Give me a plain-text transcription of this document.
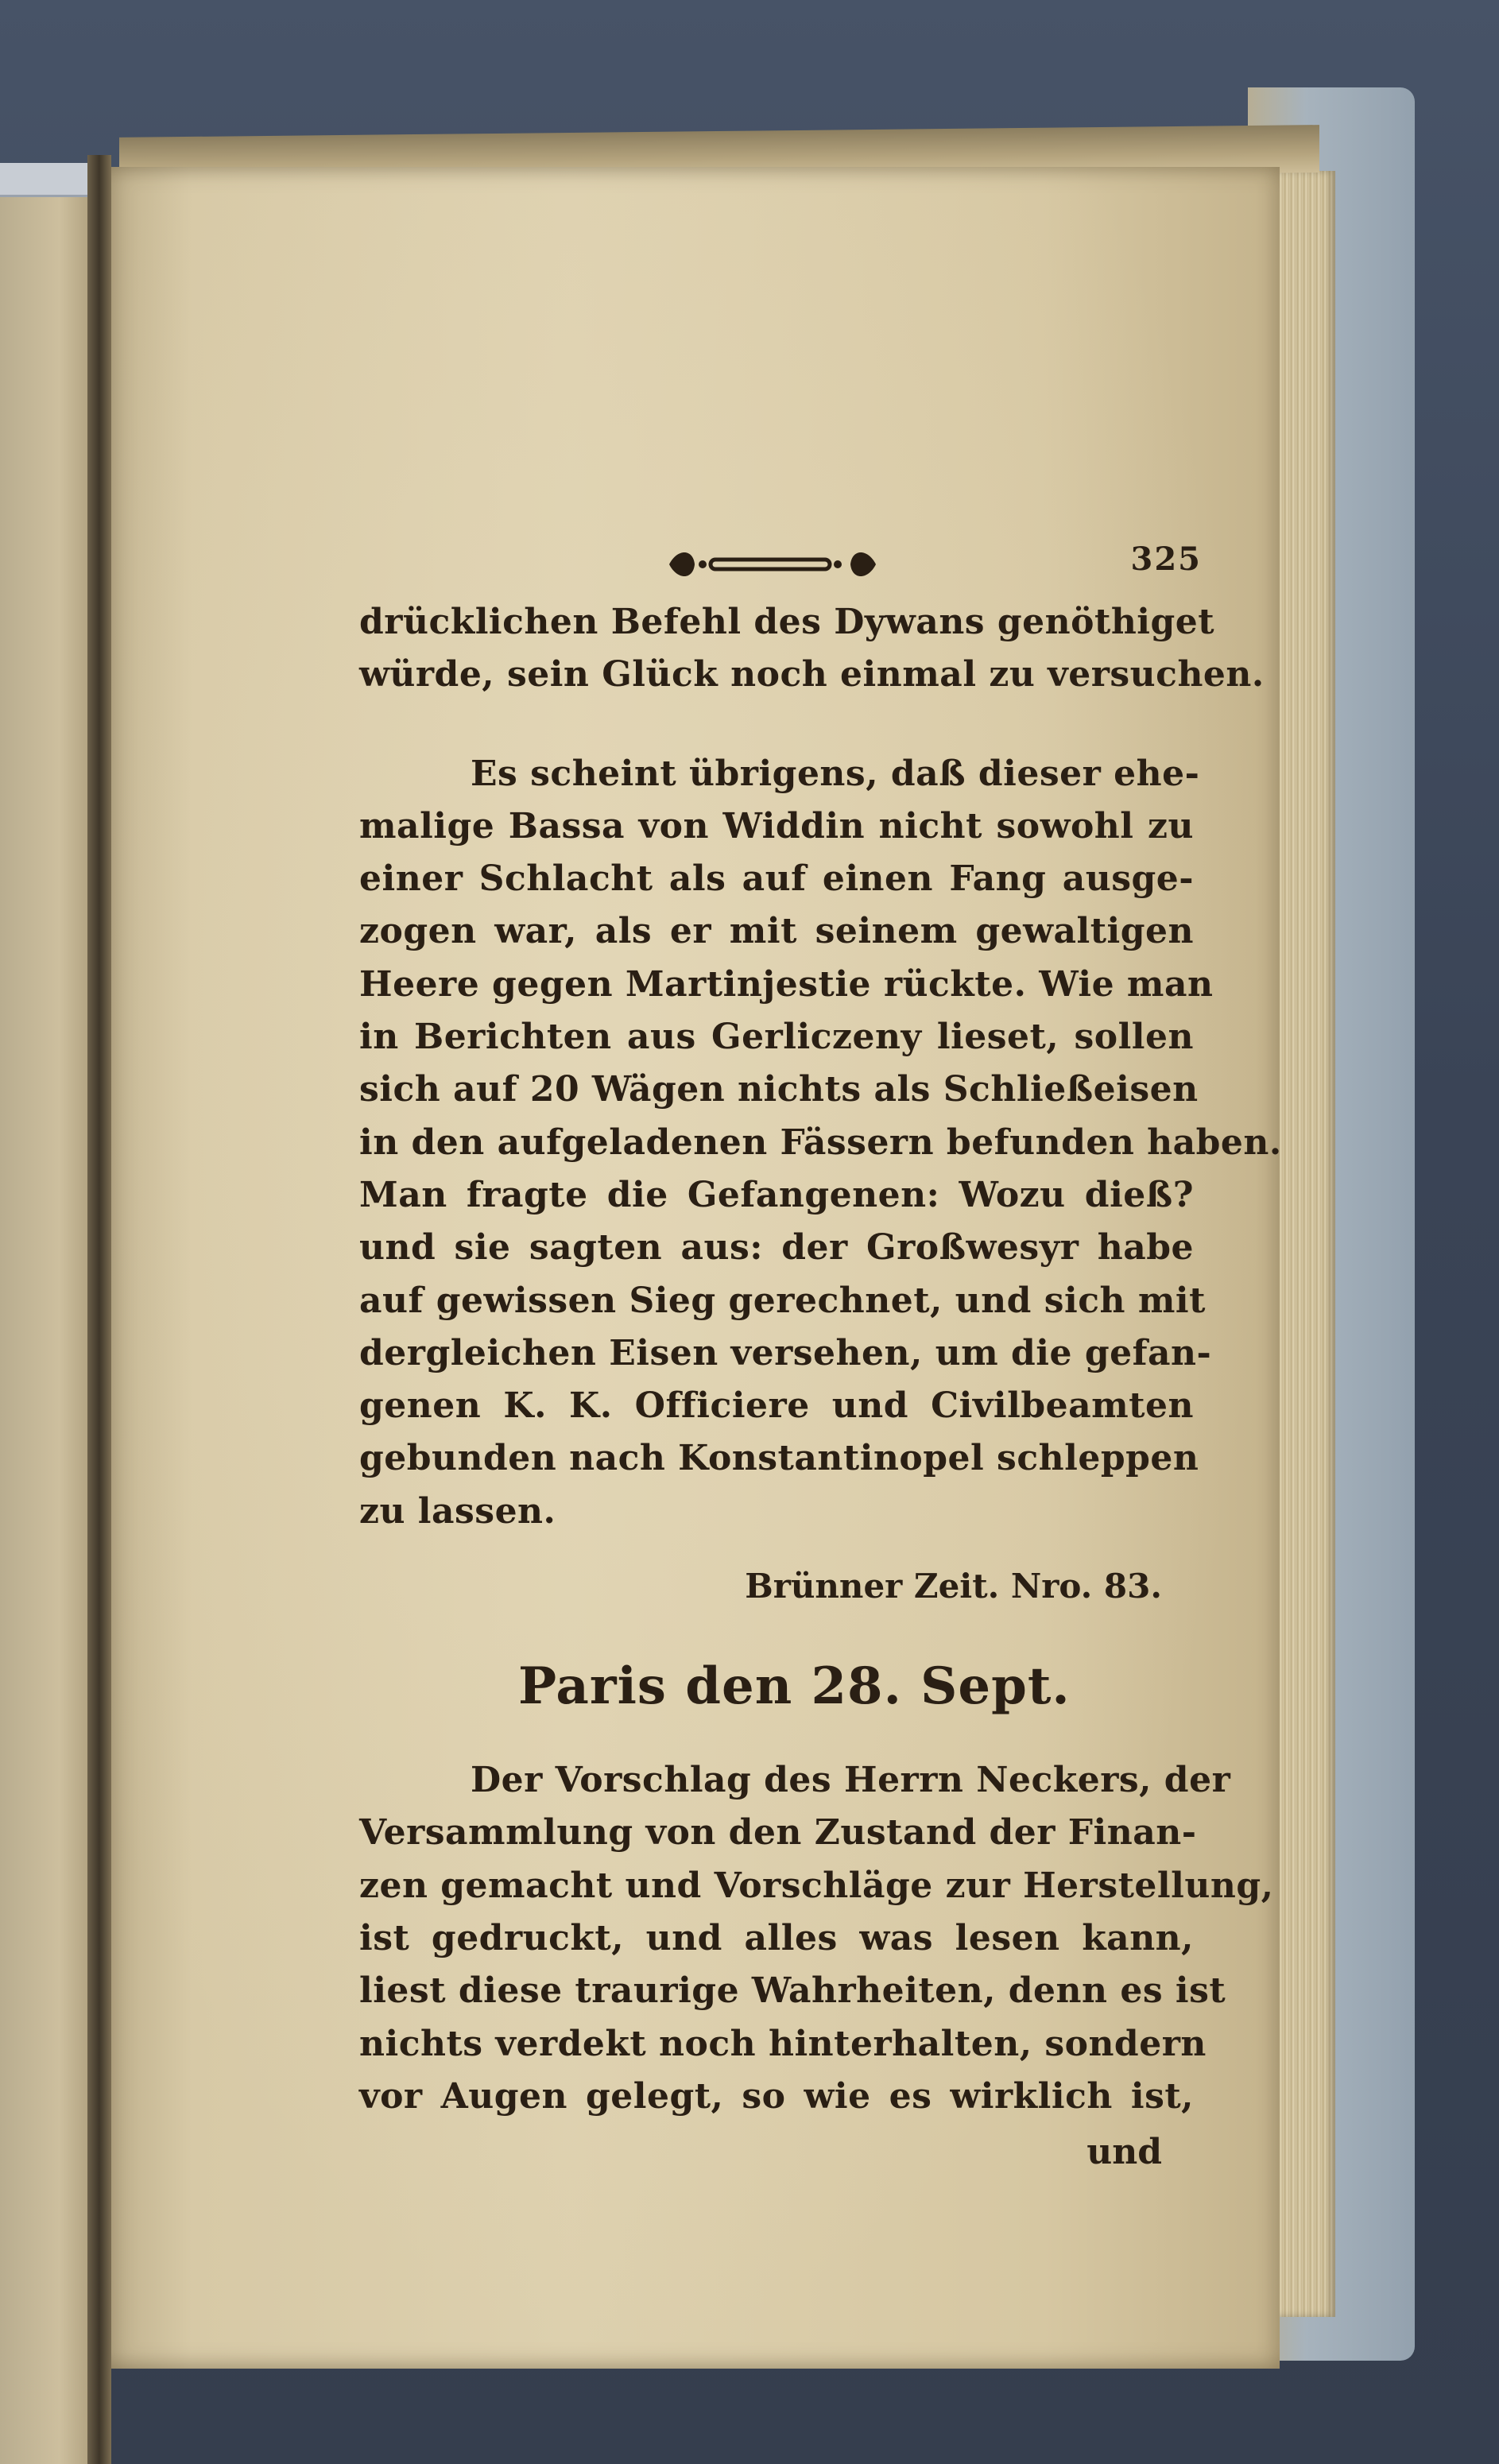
325
drücklichen Befehl des Dywans genöthiget
würde, sein Glück noch einmal zu versuchen.
Es scheint übrigens, daß dieser ehe-
malige Bassa von Widdin nicht sowohl zu
einer Schlacht als auf einen Fang ausge-
zogen war, als er mit seinem gewaltigen
Heere gegen Martinjestie rückte. Wie man
in Berichten aus Gerliczeny lieset, sollen
sich auf 20 Wägen nichts als Schließeisen
in den aufgeladenen Fässern befunden haben.
Man fragte die Gefangenen: Wozu dieß?
und sie sagten aus: der Großwesyr habe
auf gewissen Sieg gerechnet, und sich mit
dergleichen Eisen versehen, um die gefan-
genen K. K. Officiere und Civilbeamten
gebunden nach Konstantinopel schleppen
zu lassen.
Brünner Zeit. Nro. 83.
Paris den 28. Sept.
Der Vorschlag des Herrn Neckers, der
Versammlung von den Zustand der Finan-
zen gemacht und Vorschläge zur Herstellung,
ist gedruckt, und alles was lesen kann,
liest diese traurige Wahrheiten, denn es ist
nichts verdekt noch hinterhalten, sondern
vor Augen gelegt, so wie es wirklich ist,
und
